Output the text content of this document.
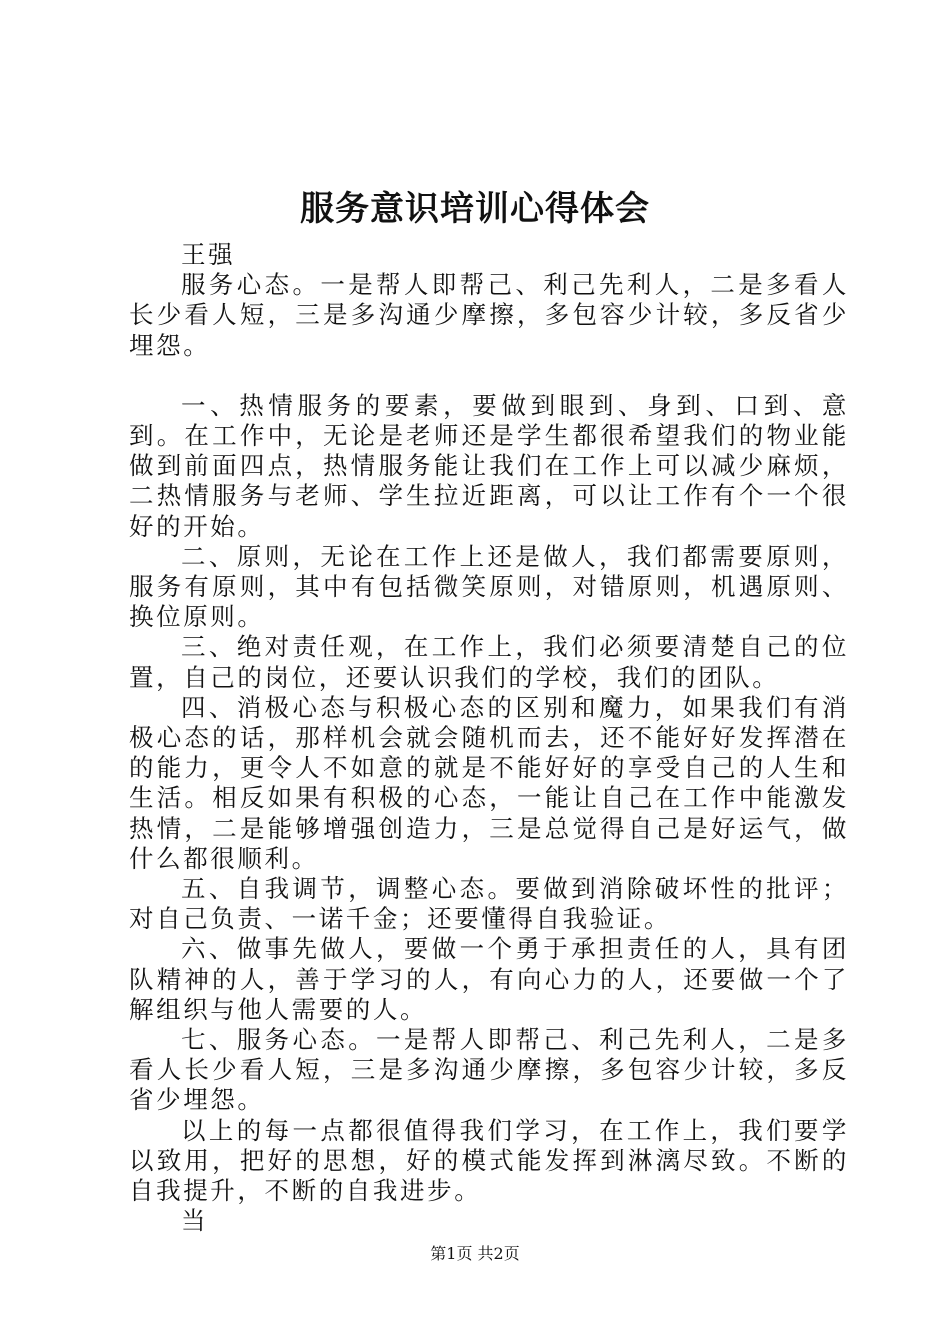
服务意识培训心得体会

王强

服务心态。一是帮人即帮己、利己先利人，二是多看人长少看人短，三是多沟通少摩擦，多包容少计较，多反省少埋怨。

一、热情服务的要素，要做到眼到、身到、口到、意到。在工作中，无论是老师还是学生都很希望我们的物业能做到前面四点，热情服务能让我们在工作上可以减少麻烦，二热情服务与老师、学生拉近距离，可以让工作有个一个很好的开始。

二、原则，无论在工作上还是做人，我们都需要原则，服务有原则，其中有包括微笑原则，对错原则，机遇原则、换位原则。

三、绝对责任观，在工作上，我们必须要清楚自己的位置，自己的岗位，还要认识我们的学校，我们的团队。

四、消极心态与积极心态的区别和魔力，如果我们有消极心态的话，那样机会就会随机而去，还不能好好发挥潜在的能力，更令人不如意的就是不能好好的享受自己的人生和生活。相反如果有积极的心态，一能让自己在工作中能激发热情，二是能够增强创造力，三是总觉得自己是好运气，做什么都很顺利。

五、自我调节，调整心态。要做到消除破坏性的批评；对自己负责、一诺千金；还要懂得自我验证。

六、做事先做人，要做一个勇于承担责任的人，具有团队精神的人，善于学习的人，有向心力的人，还要做一个了解组织与他人需要的人。

七、服务心态。一是帮人即帮己、利己先利人，二是多看人长少看人短，三是多沟通少摩擦，多包容少计较，多反省少埋怨。

以上的每一点都很值得我们学习，在工作上，我们要学以致用，把好的思想，好的模式能发挥到淋漓尽致。不断的自我提升，不断的自我进步。

当

第1页 共2页
